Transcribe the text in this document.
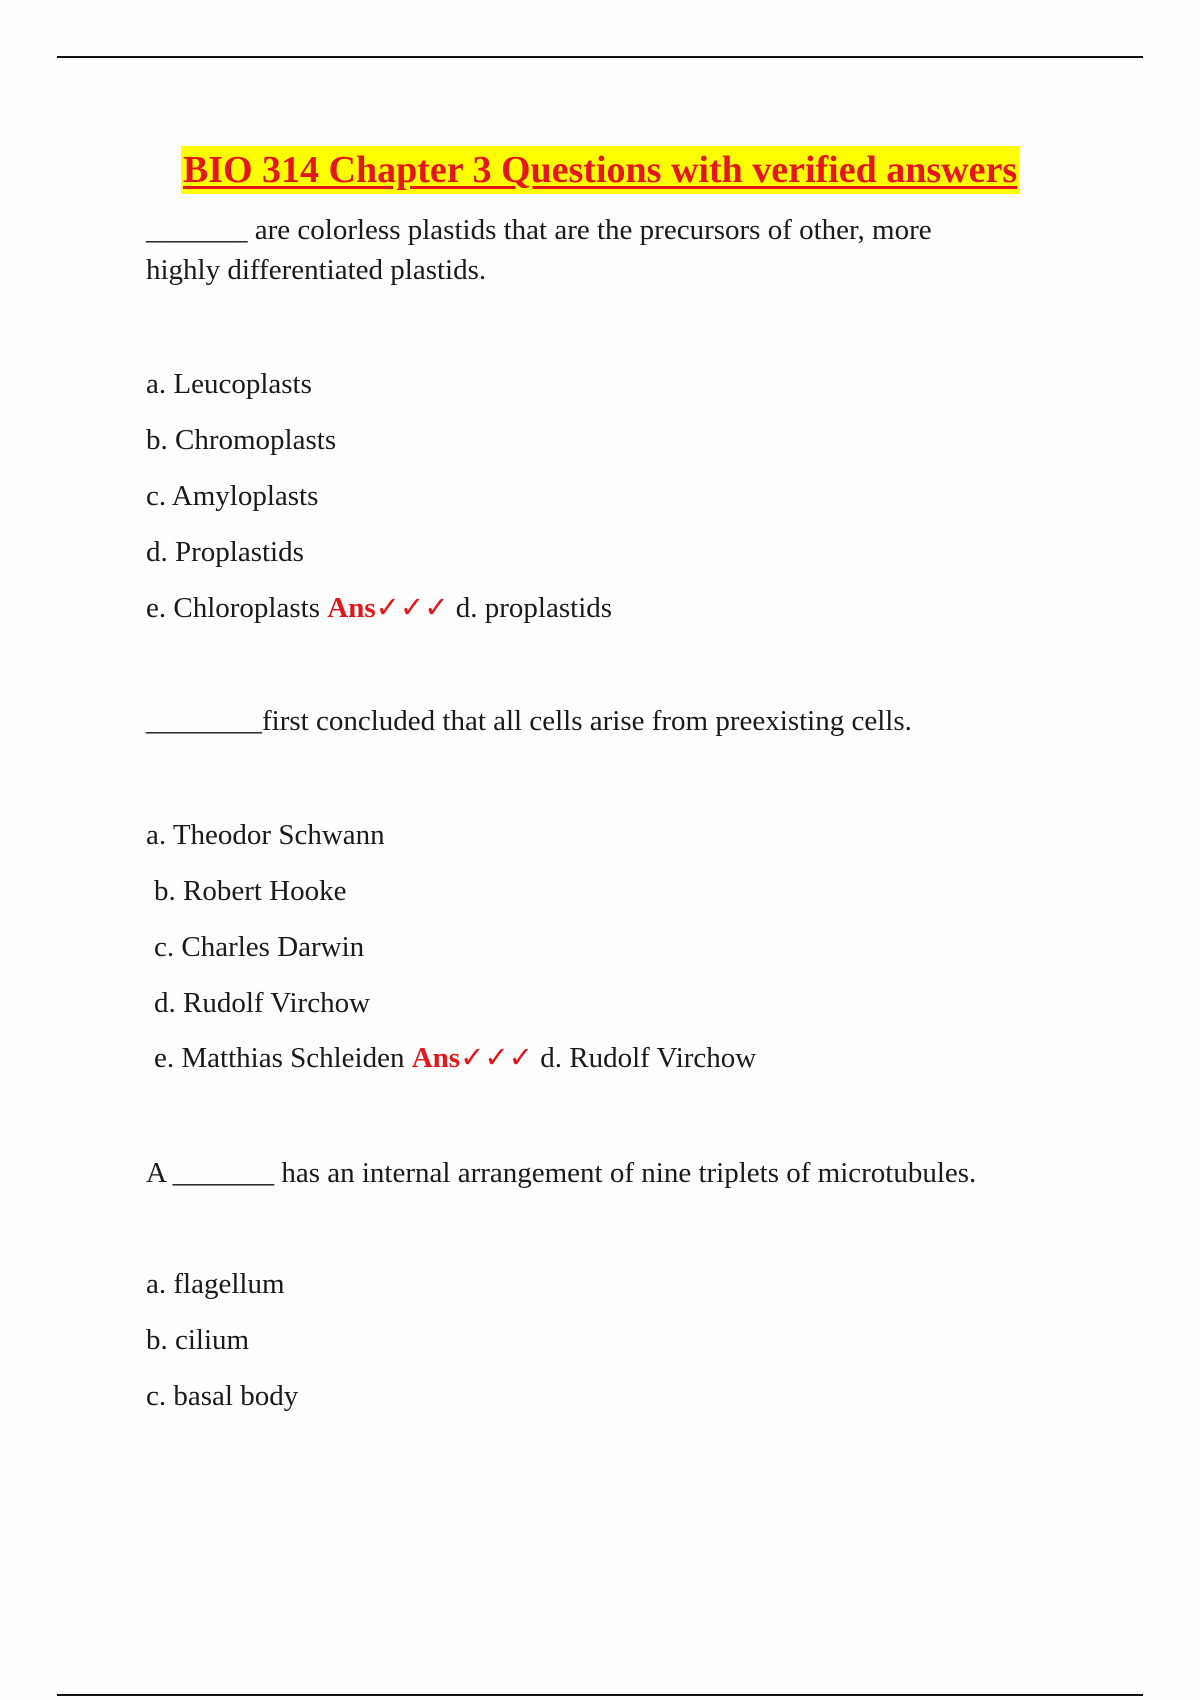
BIO 314 Chapter 3 Questions with verified answers
_______ are colorless plastids that are the precursors of other, more
highly differentiated plastids.
a. Leucoplasts
b. Chromoplasts
c. Amyloplasts
d. Proplastids
e. Chloroplasts Ans✓✓✓ d. proplastids
________first concluded that all cells arise from preexisting cells.
a. Theodor Schwann
b. Robert Hooke
c. Charles Darwin
d. Rudolf Virchow
e. Matthias Schleiden Ans✓✓✓ d. Rudolf Virchow
A _______ has an internal arrangement of nine triplets of microtubules.
a. flagellum
b. cilium
c. basal body
